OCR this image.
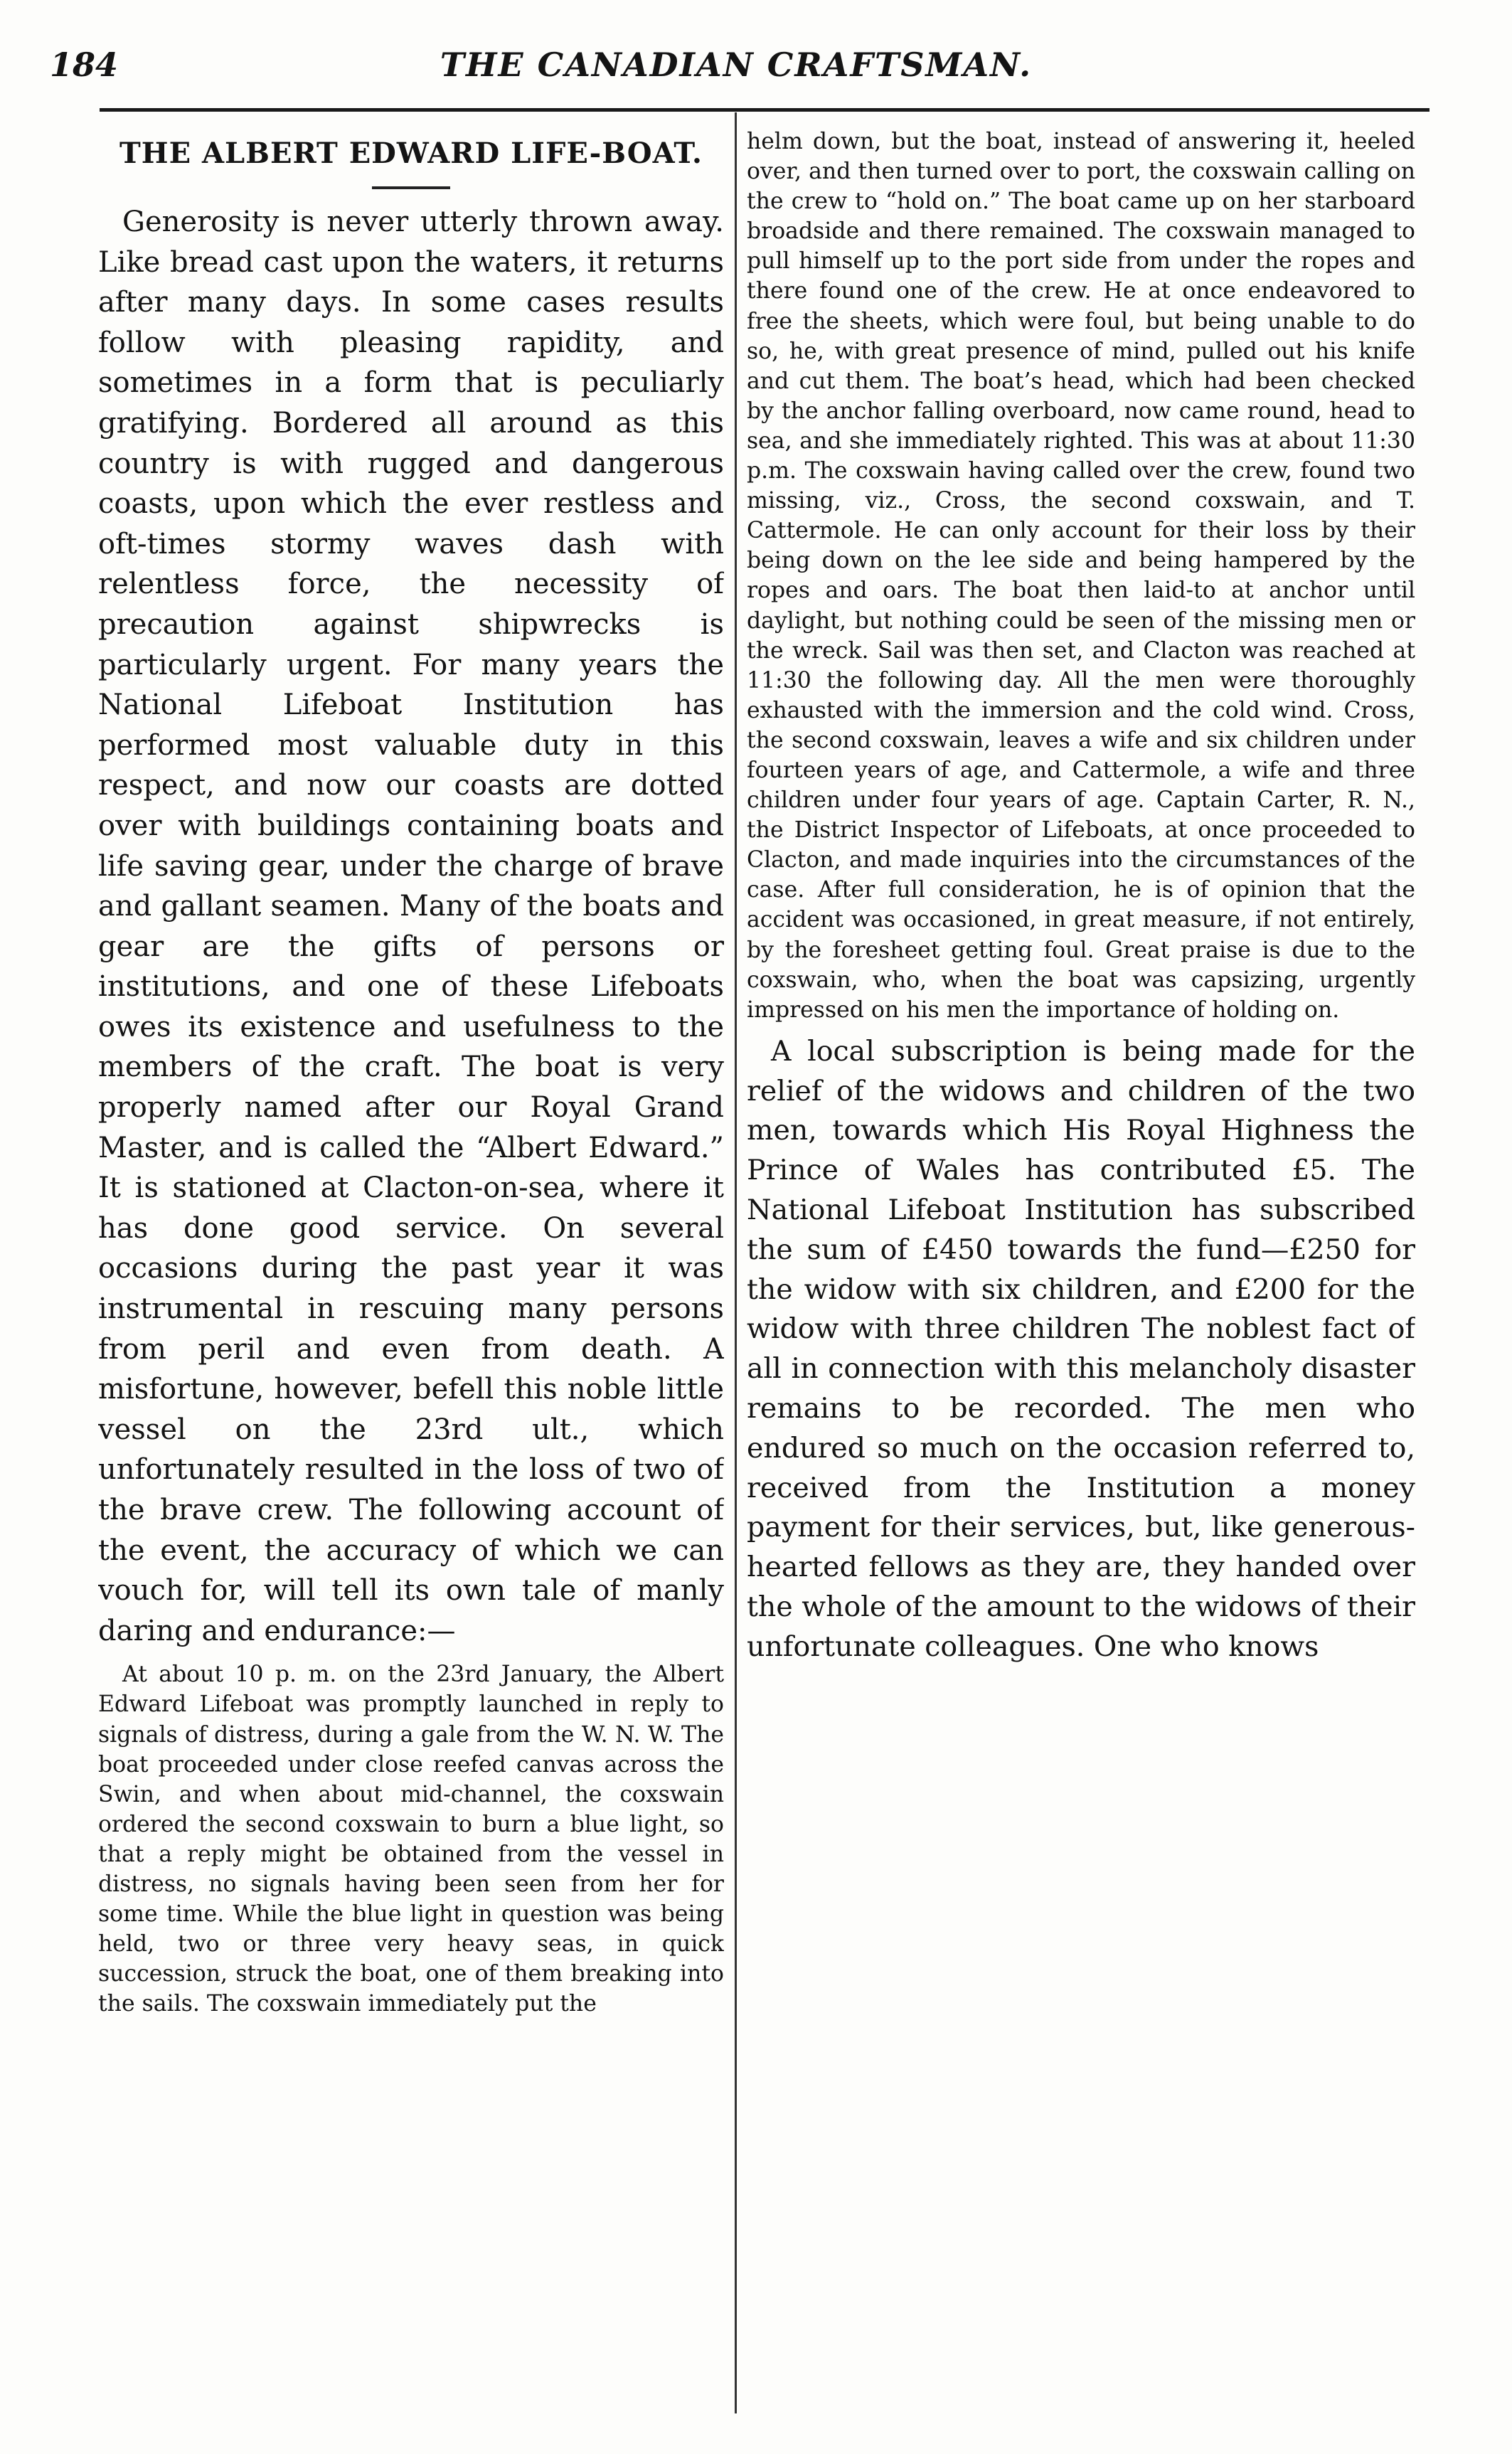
184	THE CANADIAN CRAFTSMAN.
THE ALBERT EDWARD LIFE-BOAT.

Generosity is never utterly thrown away. Like bread cast upon the waters, it returns after many days. In some cases results follow with pleasing rapidity, and sometimes in a form that is peculiarly gratifying. Bordered all around as this country is with rugged and dangerous coasts, upon which the ever restless and oft-times stormy waves dash with relentless force, the necessity of precaution against shipwrecks is particularly urgent. For many years the National Lifeboat Institution has performed most valuable duty in this respect, and now our coasts are dotted over with buildings containing boats and life saving gear, under the charge of brave and gallant seamen. Many of the boats and gear are the gifts of persons or institutions, and one of these Lifeboats owes its existence and usefulness to the members of the craft. The boat is very properly named after our Royal Grand Master, and is called the “Albert Edward.” It is stationed at Clacton-on-sea, where it has done good service. On several occasions during the past year it was instrumental in rescuing many persons from peril and even from death. A misfortune, however, befell this noble little vessel on the 23rd ult., which unfortunately resulted in the loss of two of the brave crew. The following account of the event, the accuracy of which we can vouch for, will tell its own tale of manly daring and endurance:—

At about 10 p. m. on the 23rd January, the Albert Edward Lifeboat was promptly launched in reply to signals of distress, during a gale from the W. N. W. The boat proceeded under close reefed canvas across the Swin, and when about mid-channel, the coxswain ordered the second coxswain to burn a blue light, so that a reply might be obtained from the vessel in distress, no signals having been seen from her for some time. While the blue light in question was being held, two or three very heavy seas, in quick succession, struck the boat, one of them breaking into the sails. The coxswain immediately put the

helm down, but the boat, instead of answering it, heeled over, and then turned over to port, the coxswain calling on the crew to “hold on.” The boat came up on her starboard broadside and there remained. The coxswain managed to pull himself up to the port side from under the ropes and there found one of the crew. He at once endeavored to free the sheets, which were foul, but being unable to do so, he, with great presence of mind, pulled out his knife and cut them. The boat’s head, which had been checked by the anchor falling overboard, now came round, head to sea, and she immediately righted. This was at about 11:30 p.m. The coxswain having called over the crew, found two missing, viz., Cross, the second coxswain, and T. Cattermole. He can only account for their loss by their being down on the lee side and being hampered by the ropes and oars. The boat then laid-to at anchor until daylight, but nothing could be seen of the missing men or the wreck. Sail was then set, and Clacton was reached at 11:30 the following day. All the men were thoroughly exhausted with the immersion and the cold wind. Cross, the second coxswain, leaves a wife and six children under fourteen years of age, and Cattermole, a wife and three children under four years of age. Captain Carter, R. N., the District Inspector of Lifeboats, at once proceeded to Clacton, and made inquiries into the circumstances of the case. After full consideration, he is of opinion that the accident was occasioned, in great measure, if not entirely, by the foresheet getting foul. Great praise is due to the coxswain, who, when the boat was capsizing, urgently impressed on his men the importance of holding on.

A local subscription is being made for the relief of the widows and children of the two men, towards which His Royal Highness the Prince of Wales has contributed £5. The National Lifeboat Institution has subscribed the sum of £450 towards the fund—£250 for the widow with six children, and £200 for the widow with three children The noblest fact of all in connection with this melancholy disaster remains to be recorded. The men who endured so much on the occasion referred to, received from the Institution a money payment for their services, but, like generous-hearted fellows as they are, they handed over the whole of the amount to the widows of their unfortunate colleagues. One who knows
